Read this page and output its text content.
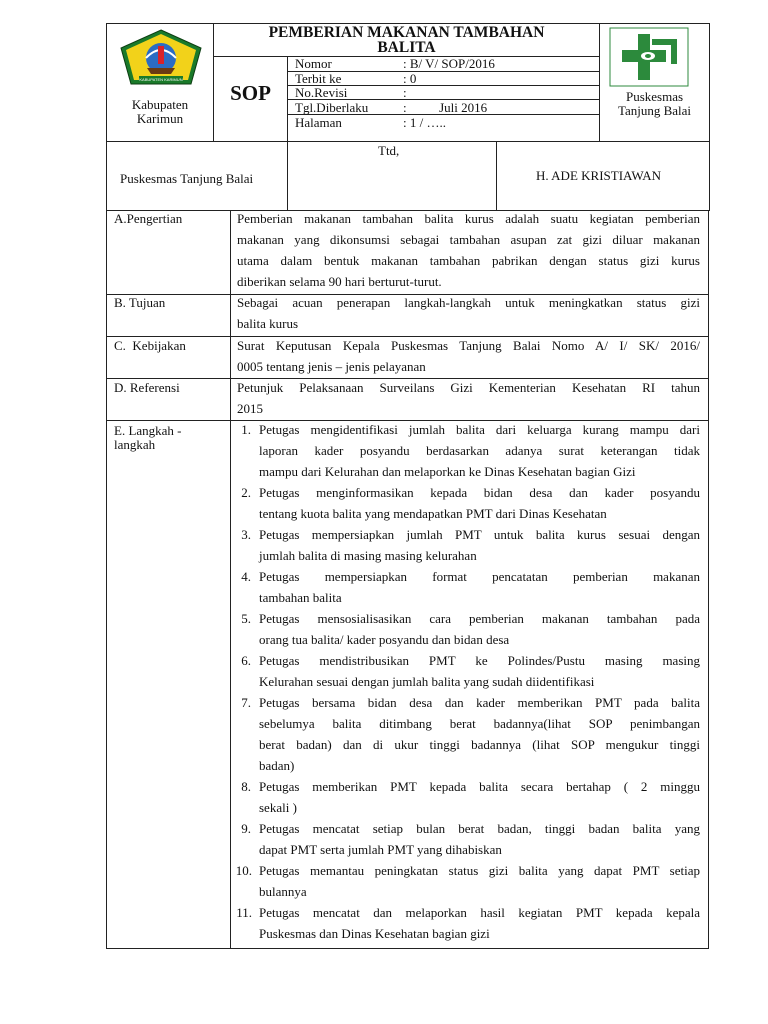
KABUPATEN KARIMUN
Kabupaten
Karimun
PEMBERIAN MAKANAN TAMBAHAN
BALITA
SOP
Nomor	: B/ V/ SOP/2016
Terbit ke	: 0
No.Revisi	:
Tgl.Diberlaku	:          Juli 2016
Halaman	: 1 / …..
Puskesmas
Tanjung Balai
Puskesmas Tanjung Balai
Ttd,
H. ADE KRISTIAWAN
A.Pengertian	Pemberian makanan tambahan balita kurus adalah suatu kegiatan pemberian
makanan yang dikonsumsi sebagai tambahan asupan zat gizi diluar makanan
utama dalam bentuk makanan tambahan pabrikan dengan status gizi kurus
diberikan selama 90 hari berturut-turut.
B. Tujuan	Sebagai acuan penerapan langkah-langkah untuk meningkatkan status gizi
balita kurus
C.  Kebijakan	Surat Keputusan Kepala Puskesmas Tanjung Balai Nomo A/ I/ SK/ 2016/
0005 tentang jenis – jenis pelayanan
D. Referensi	Petunjuk Pelaksanaan Surveilans Gizi Kementerian Kesehatan RI tahun
2015
E. Langkah -
langkah
1. Petugas mengidentifikasi jumlah balita dari keluarga kurang mampu dari
laporan kader posyandu berdasarkan adanya surat keterangan tidak
mampu dari Kelurahan dan melaporkan ke Dinas Kesehatan bagian Gizi
2. Petugas menginformasikan kepada bidan desa dan kader posyandu
tentang kuota balita yang mendapatkan PMT dari Dinas Kesehatan
3. Petugas mempersiapkan jumlah PMT untuk balita kurus sesuai dengan
jumlah balita di masing masing kelurahan
4. Petugas mempersiapkan format pencatatan pemberian makanan
tambahan balita
5. Petugas mensosialisasikan cara pemberian makanan tambahan pada
orang tua balita/ kader posyandu dan bidan desa
6. Petugas mendistribusikan PMT ke Polindes/Pustu masing masing
Kelurahan sesuai dengan jumlah balita yang sudah diidentifikasi
7. Petugas bersama bidan desa dan kader memberikan PMT pada balita
sebelumya balita ditimbang berat badannya(lihat SOP penimbangan
berat badan) dan di ukur tinggi badannya (lihat SOP mengukur tinggi
badan)
8. Petugas memberikan PMT kepada balita secara bertahap ( 2 minggu
sekali )
9. Petugas mencatat setiap bulan berat badan, tinggi badan balita yang
dapat PMT serta jumlah PMT yang dihabiskan
10. Petugas memantau peningkatan status gizi balita yang dapat PMT setiap
bulannya
11. Petugas mencatat dan melaporkan hasil kegiatan PMT kepada kepala
Puskesmas dan Dinas Kesehatan bagian gizi
